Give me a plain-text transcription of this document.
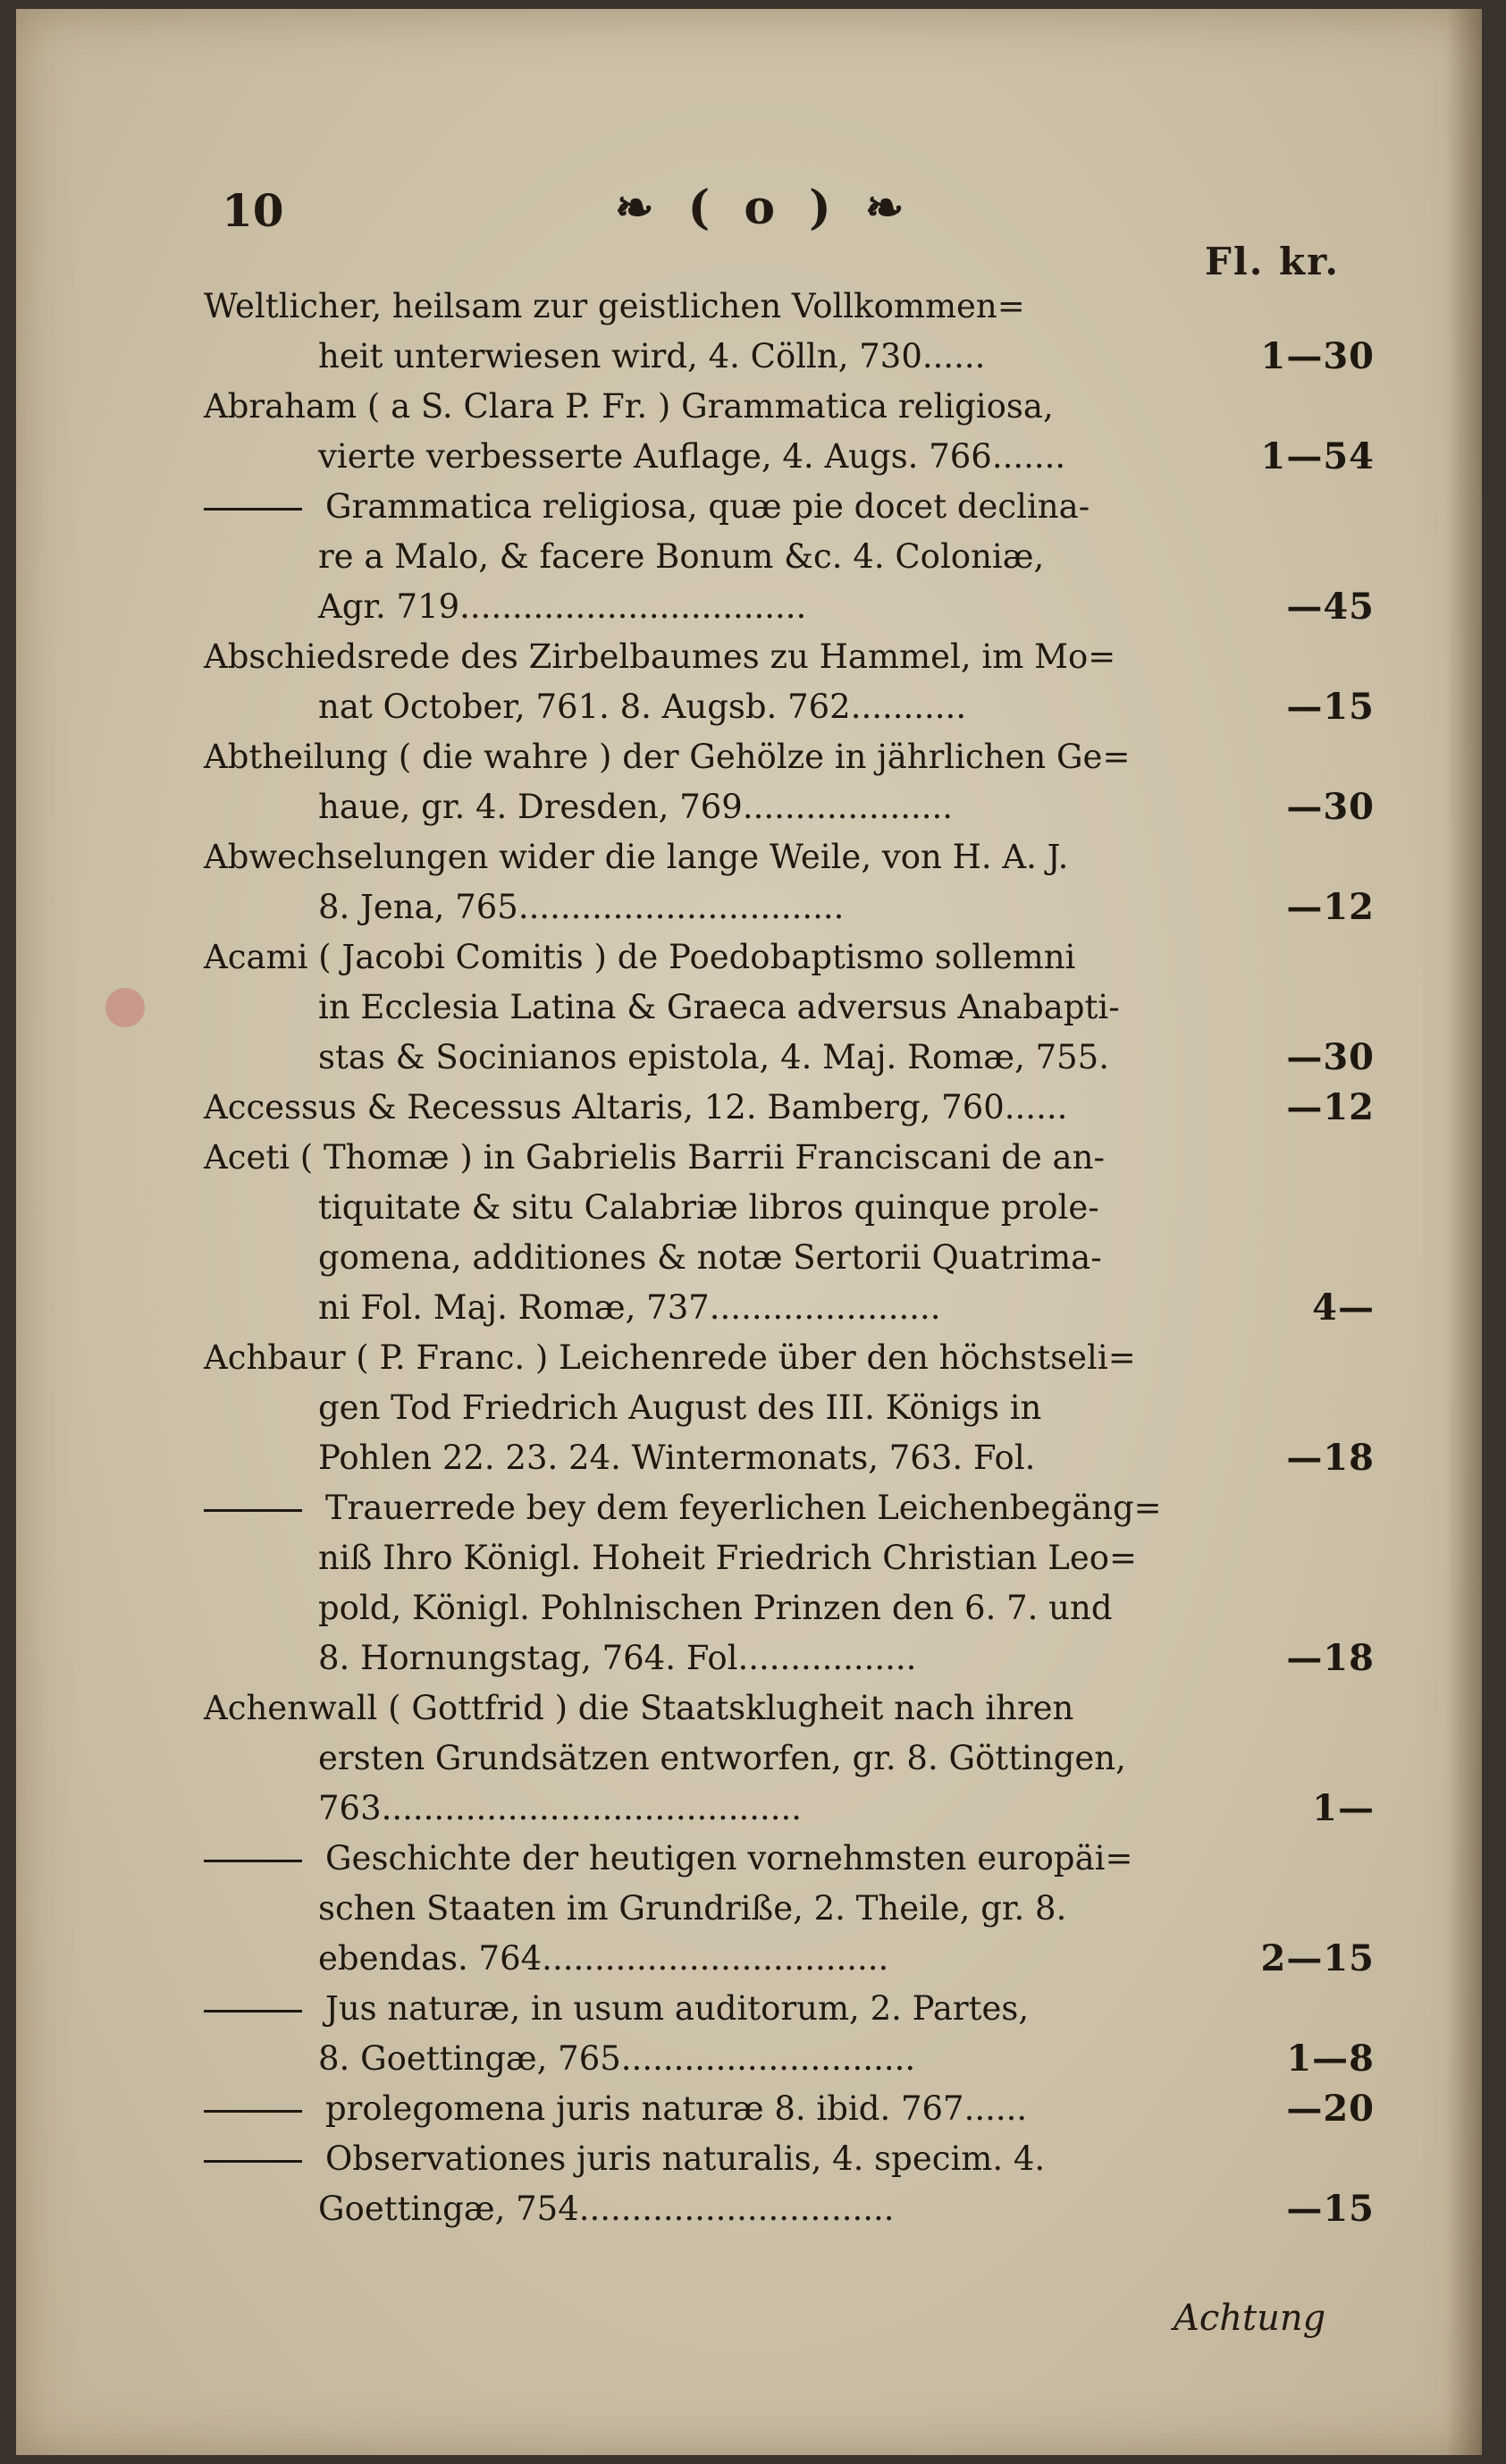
10	❧ ( o ) ❧
Fl. kr.
Weltlicher, heilsam zur geistlichen Vollkommen=
heit unterwiesen wird, 4. Cölln, 730......	1—30
Abraham ( a S. Clara P. Fr. ) Grammatica religiosa,
vierte verbesserte Auflage, 4. Augs. 766.......	1—54
Grammatica religiosa, quæ pie docet declina-
re a Malo, & facere Bonum &c. 4. Coloniæ,
Agr. 719.................................	—45
Abschiedsrede des Zirbelbaumes zu Hammel, im Mo=
nat October, 761. 8. Augsb. 762...........	—15
Abtheilung ( die wahre ) der Gehölze in jährlichen Ge=
haue, gr. 4. Dresden, 769....................	—30
Abwechselungen wider die lange Weile, von H. A. J.
8. Jena, 765...............................	—12
Acami ( Jacobi Comitis ) de Poedobaptismo sollemni
in Ecclesia Latina & Graeca adversus Anabapti-
stas & Socinianos epistola, 4. Maj. Romæ, 755.	—30
Accessus & Recessus Altaris, 12. Bamberg, 760......	—12
Aceti ( Thomæ ) in Gabrielis Barrii Franciscani de an-
tiquitate & situ Calabriæ libros quinque prole-
gomena, additiones & notæ Sertorii Quatrima-
ni Fol. Maj. Romæ, 737......................	4—
Achbaur ( P. Franc. ) Leichenrede über den höchstseli=
gen Tod Friedrich August des III. Königs in
Pohlen 22. 23. 24. Wintermonats, 763. Fol.	—18
Trauerrede bey dem feyerlichen Leichenbegäng=
niß Ihro Königl. Hoheit Friedrich Christian Leo=
pold, Königl. Pohlnischen Prinzen den 6. 7. und
8. Hornungstag, 764. Fol.................	—18
Achenwall ( Gottfrid ) die Staatsklugheit nach ihren
ersten Grundsätzen entworfen, gr. 8. Göttingen,
763........................................	1—
Geschichte der heutigen vornehmsten europäi=
schen Staaten im Grundriße, 2. Theile, gr. 8.
ebendas. 764.................................	2—15
Jus naturæ, in usum auditorum, 2. Partes,
8. Goettingæ, 765............................	1—8
prolegomena juris naturæ 8. ibid. 767......	—20
Observationes juris naturalis, 4. specim. 4.
Goettingæ, 754..............................	—15
Achtung
